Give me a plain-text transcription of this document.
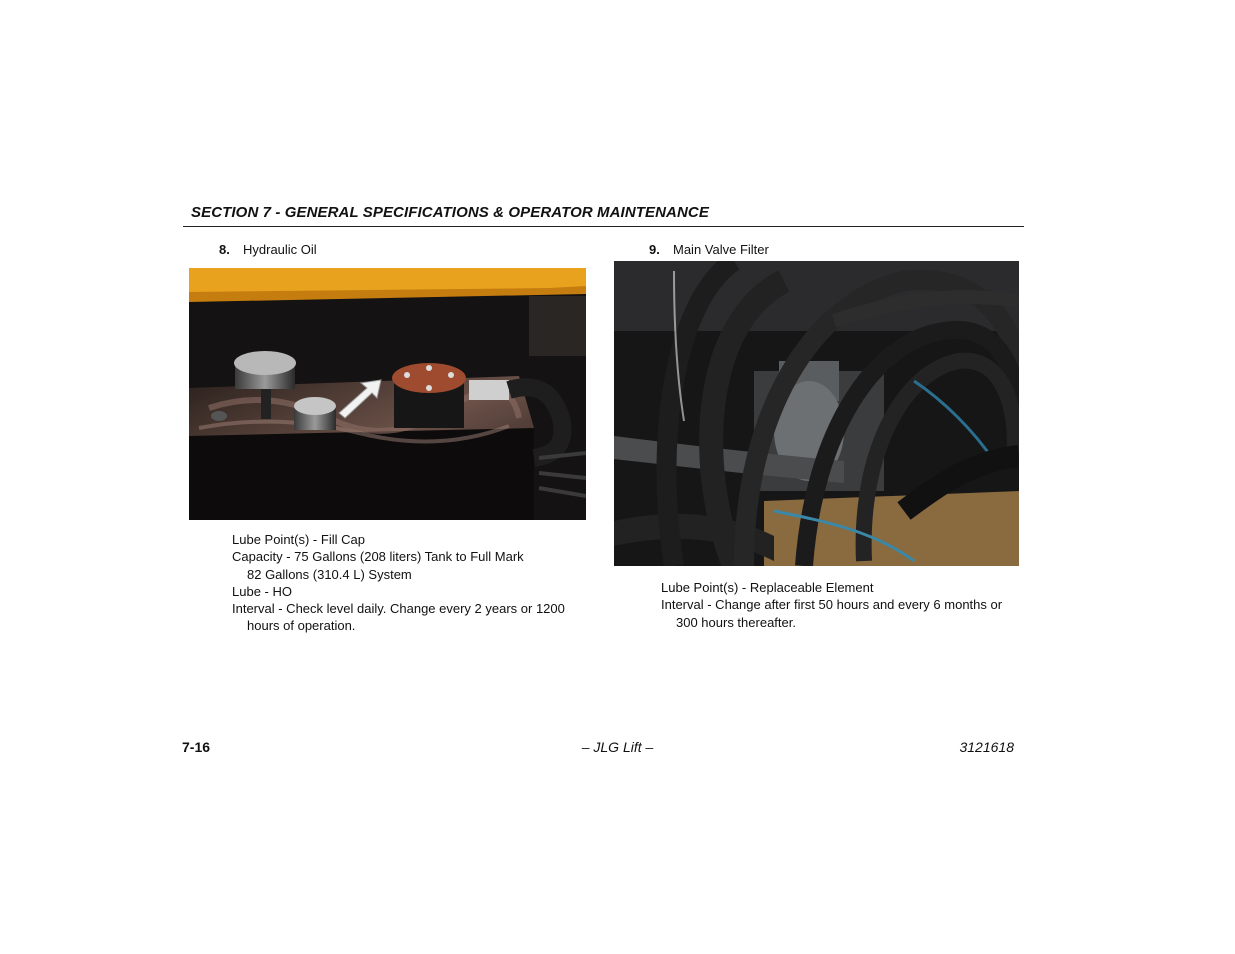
SECTION 7 - GENERAL SPECIFICATIONS & OPERATOR MAINTENANCE
8. Hydraulic Oil
Lube Point(s) - Fill Cap
Capacity - 75 Gallons (208 liters) Tank to Full Mark
82 Gallons (310.4 L) System
Lube - HO
Interval - Check level daily. Change every 2 years or 1200
hours of operation.
9. Main Valve Filter
Lube Point(s) - Replaceable Element
Interval - Change after first 50 hours and every 6 months or
300 hours thereafter.
7-16	– JLG Lift –	3121618
